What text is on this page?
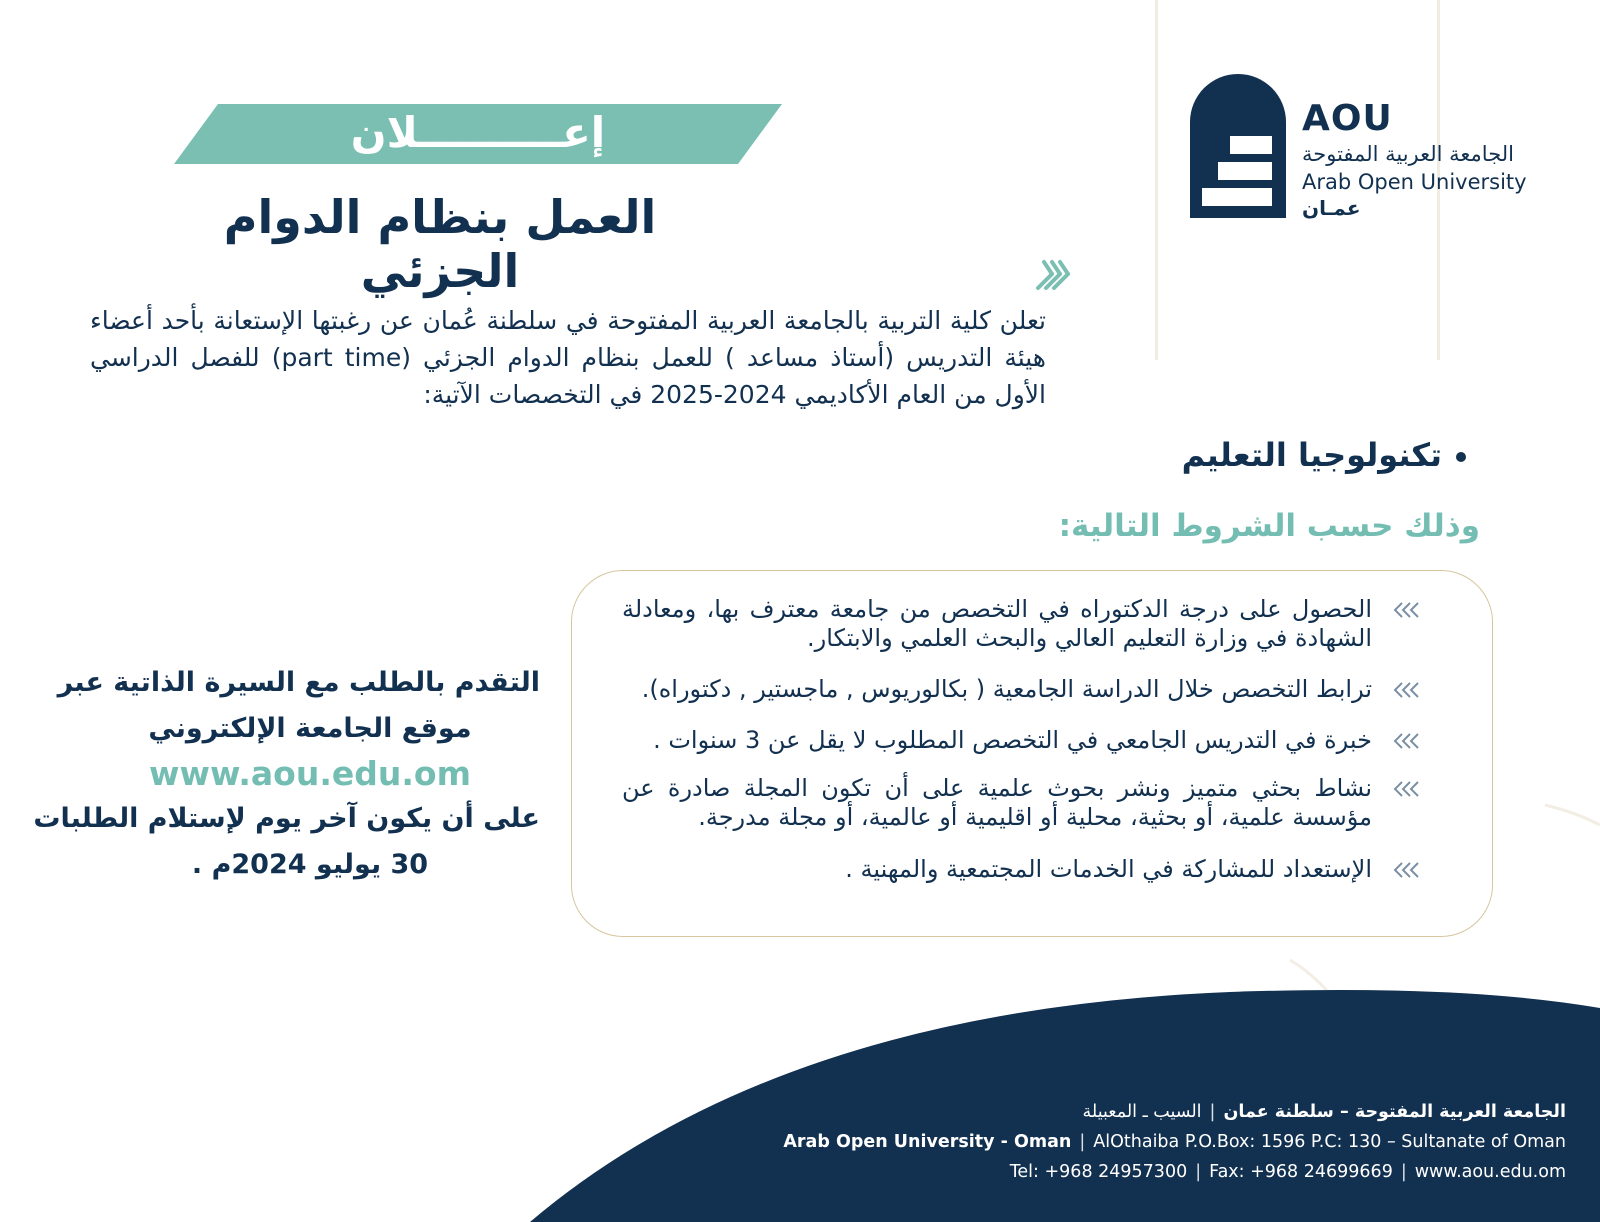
AOU
الجامعة العربية المفتوحة
Arab Open University
عمـان
إعــــــــــلان
العمل بنظام الدوام الجزئي
تعلن كلية التربية بالجامعة العربية المفتوحة في سلطنة عُمان عن رغبتها الإستعانة بأحد أعضاء هيئة التدريس (أستاذ مساعد ) للعمل بنظام الدوام الجزئي (part time) للفصل الدراسي الأول من العام الأكاديمي 2024-2025 في التخصصات الآتية:
تكنولوجيا التعليم
وذلك حسب الشروط التالية:
الحصول على درجة الدكتوراه في التخصص من جامعة معترف بها، ومعادلة الشهادة في وزارة التعليم العالي والبحث العلمي والابتكار.
ترابط التخصص خلال الدراسة الجامعية ( بكالوريوس , ماجستير , دكتوراه).
خبرة في التدريس الجامعي في التخصص المطلوب لا يقل عن 3 سنوات .
نشاط بحثي متميز ونشر بحوث علمية على أن تكون المجلة صادرة عن مؤسسة علمية، أو بحثية، محلية أو اقليمية أو عالمية، أو مجلة مدرجة.
الإستعداد للمشاركة في الخدمات المجتمعية والمهنية .
التقدم بالطلب مع السيرة الذاتية عبر
موقع الجامعة الإلكتروني
www.aou.edu.om
على أن يكون آخر يوم لإستلام الطلبات
30 يوليو 2024م .
الجامعة العربية المفتوحة – سلطنة عمان|السيب ـ المعبيلة
Arab Open University - Oman | AlOthaiba P.O.Box: 1596 P.C: 130 – Sultanate of Oman
Tel: +968 24957300 | Fax: +968 24699669 | www.aou.edu.om
